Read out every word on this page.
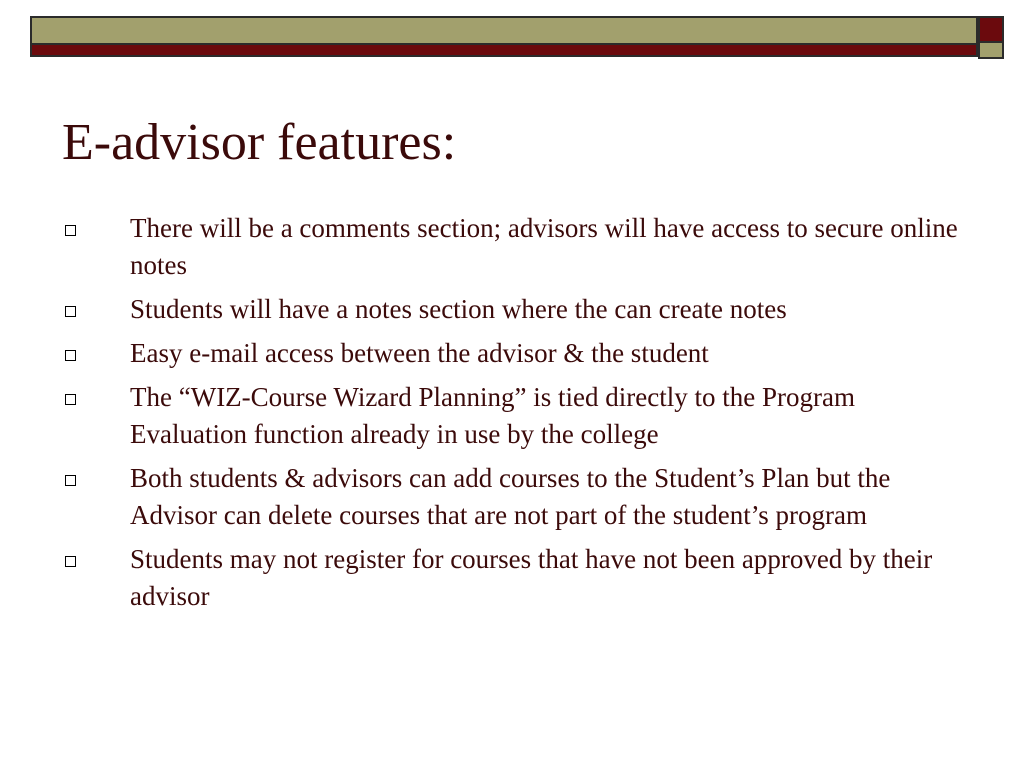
E-advisor features:
There will be a comments section; advisors will have access to secure online notes
Students will have a notes section where the can create notes
Easy e-mail access between the advisor & the student
The “WIZ-Course Wizard Planning” is tied directly to the Program Evaluation function already in use by the college
Both students & advisors can add courses to the Student’s Plan but the Advisor can delete courses that are not part of the student’s program
Students may not register for courses that have not been approved by their advisor
